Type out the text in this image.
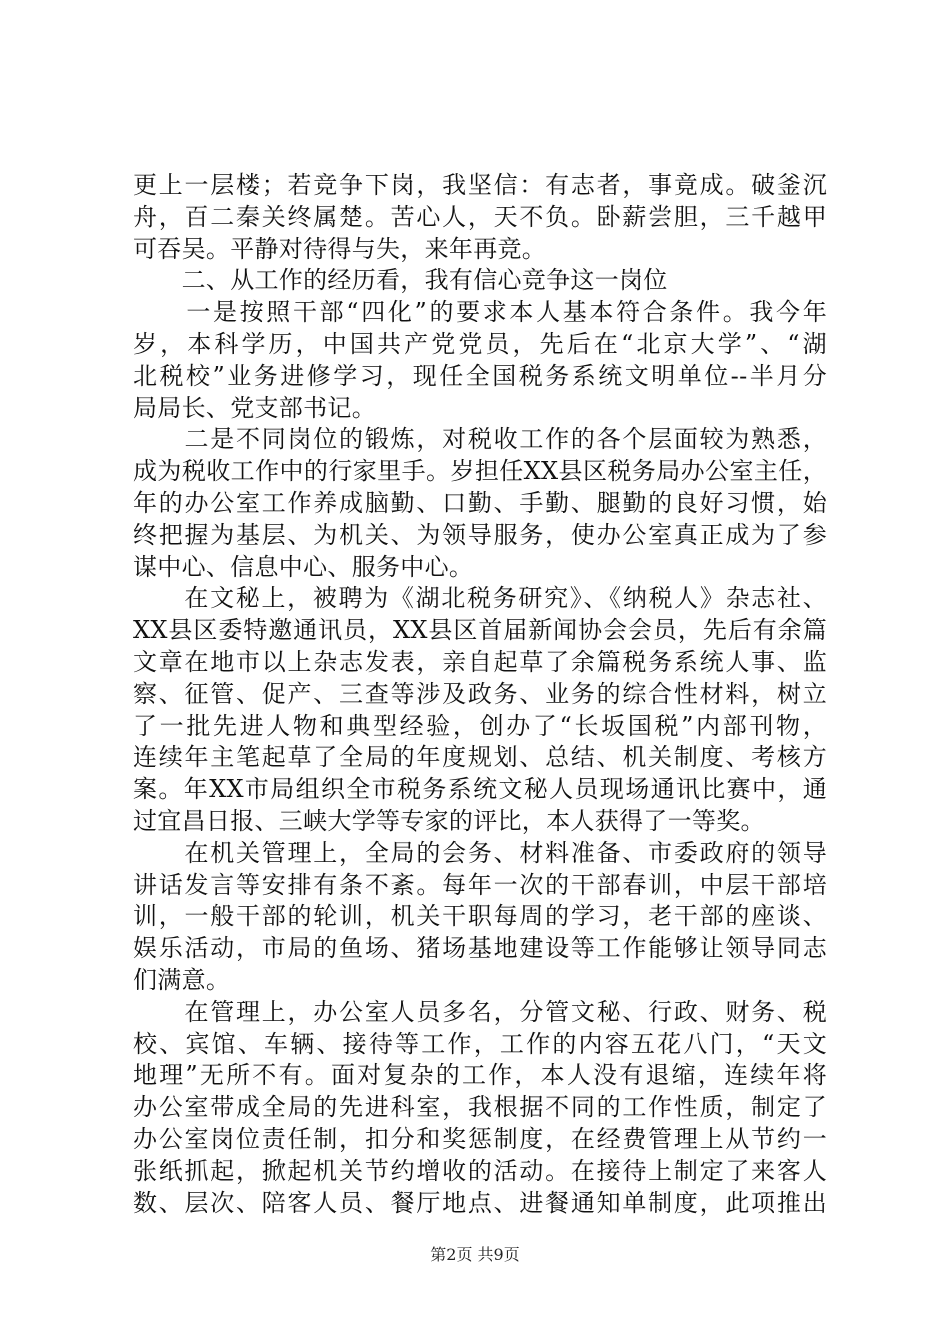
更上一层楼；若竞争下岗，我坚信：有志者，事竟成。破釜沉
舟，百二秦关终属楚。苦心人，天不负。卧薪尝胆，三千越甲
可吞吴。平静对待得与失，来年再竞。
　　二、从工作的经历看，我有信心竞争这一岗位
　　一是按照干部“四化”的要求本人基本符合条件。我今年
岁，本科学历，中国共产党党员，先后在“北京大学”、“湖
北税校”业务进修学习，现任全国税务系统文明单位--半月分
局局长、党支部书记。
　　二是不同岗位的锻炼，对税收工作的各个层面较为熟悉，
成为税收工作中的行家里手。岁担任XX县区税务局办公室主任，
年的办公室工作养成脑勤、口勤、手勤、腿勤的良好习惯，始
终把握为基层、为机关、为领导服务，使办公室真正成为了参
谋中心、信息中心、服务中心。
　　在文秘上，被聘为《湖北税务研究》、《纳税人》杂志社、
XX县区委特邀通讯员，XX县区首届新闻协会会员，先后有余篇
文章在地市以上杂志发表，亲自起草了余篇税务系统人事、监
察、征管、促产、三查等涉及政务、业务的综合性材料，树立
了一批先进人物和典型经验，创办了“长坂国税”内部刊物，
连续年主笔起草了全局的年度规划、总结、机关制度、考核方
案。年XX市局组织全市税务系统文秘人员现场通讯比赛中，通
过宜昌日报、三峡大学等专家的评比，本人获得了一等奖。
　　在机关管理上，全局的会务、材料准备、市委政府的领导
讲话发言等安排有条不紊。每年一次的干部春训，中层干部培
训，一般干部的轮训，机关干职每周的学习，老干部的座谈、
娱乐活动，市局的鱼场、猪场基地建设等工作能够让领导同志
们满意。
　　在管理上，办公室人员多名，分管文秘、行政、财务、税
校、宾馆、车辆、接待等工作，工作的内容五花八门，“天文
地理”无所不有。面对复杂的工作，本人没有退缩，连续年将
办公室带成全局的先进科室，我根据不同的工作性质，制定了
办公室岗位责任制，扣分和奖惩制度，在经费管理上从节约一
张纸抓起，掀起机关节约增收的活动。在接待上制定了来客人
数、层次、陪客人员、餐厅地点、进餐通知单制度，此项推出
第2页 共9页
